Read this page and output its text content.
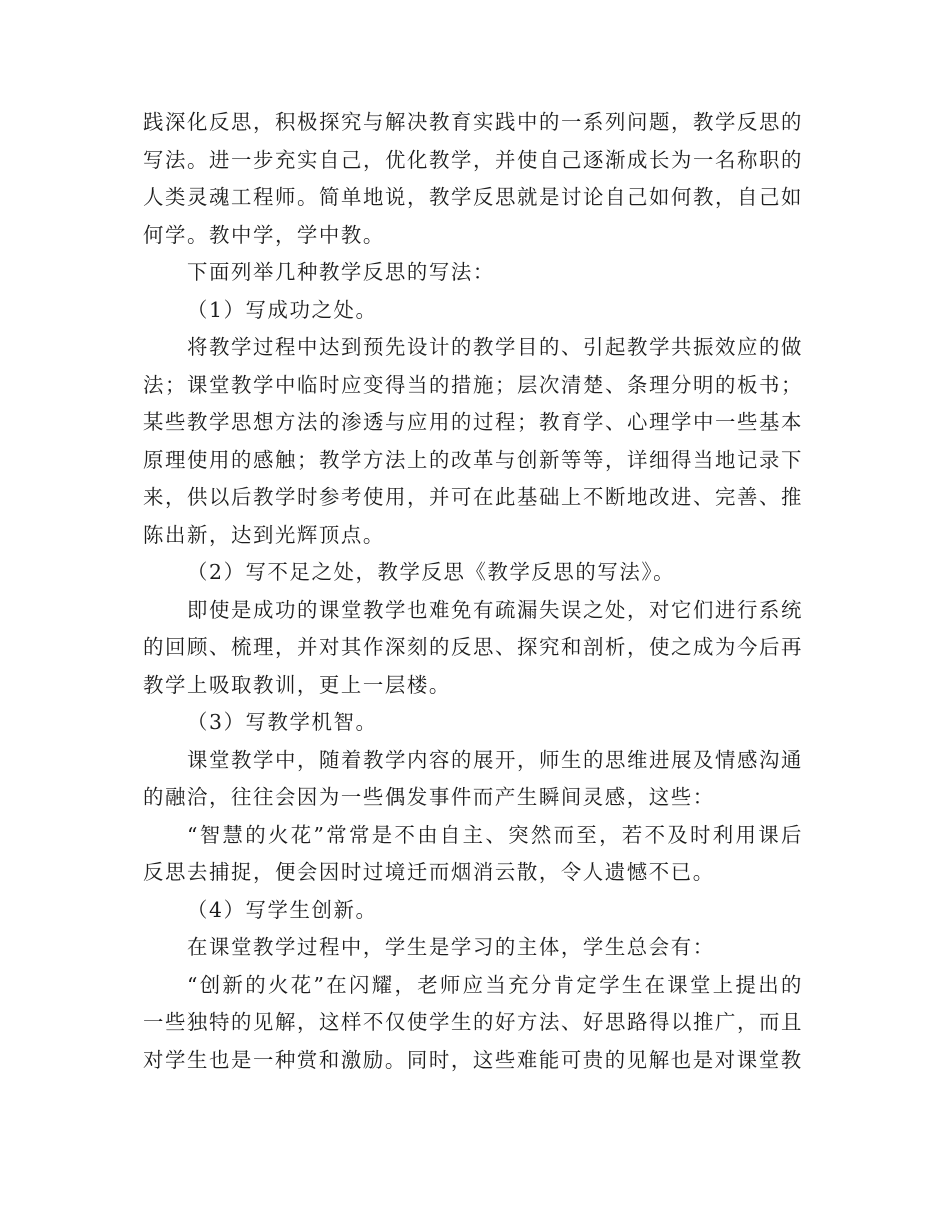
践深化反思，积极探究与解决教育实践中的一系列问题，教学反思的写法。进一步充实自己，优化教学，并使自己逐渐成长为一名称职的人类灵魂工程师。简单地说，教学反思就是讨论自己如何教，自己如何学。教中学，学中教。

下面列举几种教学反思的写法：

（1）写成功之处。

将教学过程中达到预先设计的教学目的、引起教学共振效应的做法；课堂教学中临时应变得当的措施；层次清楚、条理分明的板书；某些教学思想方法的渗透与应用的过程；教育学、心理学中一些基本原理使用的感触；教学方法上的改革与创新等等，详细得当地记录下来，供以后教学时参考使用，并可在此基础上不断地改进、完善、推陈出新，达到光辉顶点。

（2）写不足之处，教学反思《教学反思的写法》。

即使是成功的课堂教学也难免有疏漏失误之处，对它们进行系统的回顾、梳理，并对其作深刻的反思、探究和剖析，使之成为今后再教学上吸取教训，更上一层楼。

（3）写教学机智。

课堂教学中，随着教学内容的展开，师生的思维进展及情感沟通的融洽，往往会因为一些偶发事件而产生瞬间灵感，这些：

“智慧的火花”常常是不由自主、突然而至，若不及时利用课后反思去捕捉，便会因时过境迁而烟消云散，令人遗憾不已。

（4）写学生创新。

在课堂教学过程中，学生是学习的主体，学生总会有：

“创新的火花”在闪耀，老师应当充分肯定学生在课堂上提出的一些独特的见解，这样不仅使学生的好方法、好思路得以推广，而且对学生也是一种赏和激励。同时，这些难能可贵的见解也是对课堂教
